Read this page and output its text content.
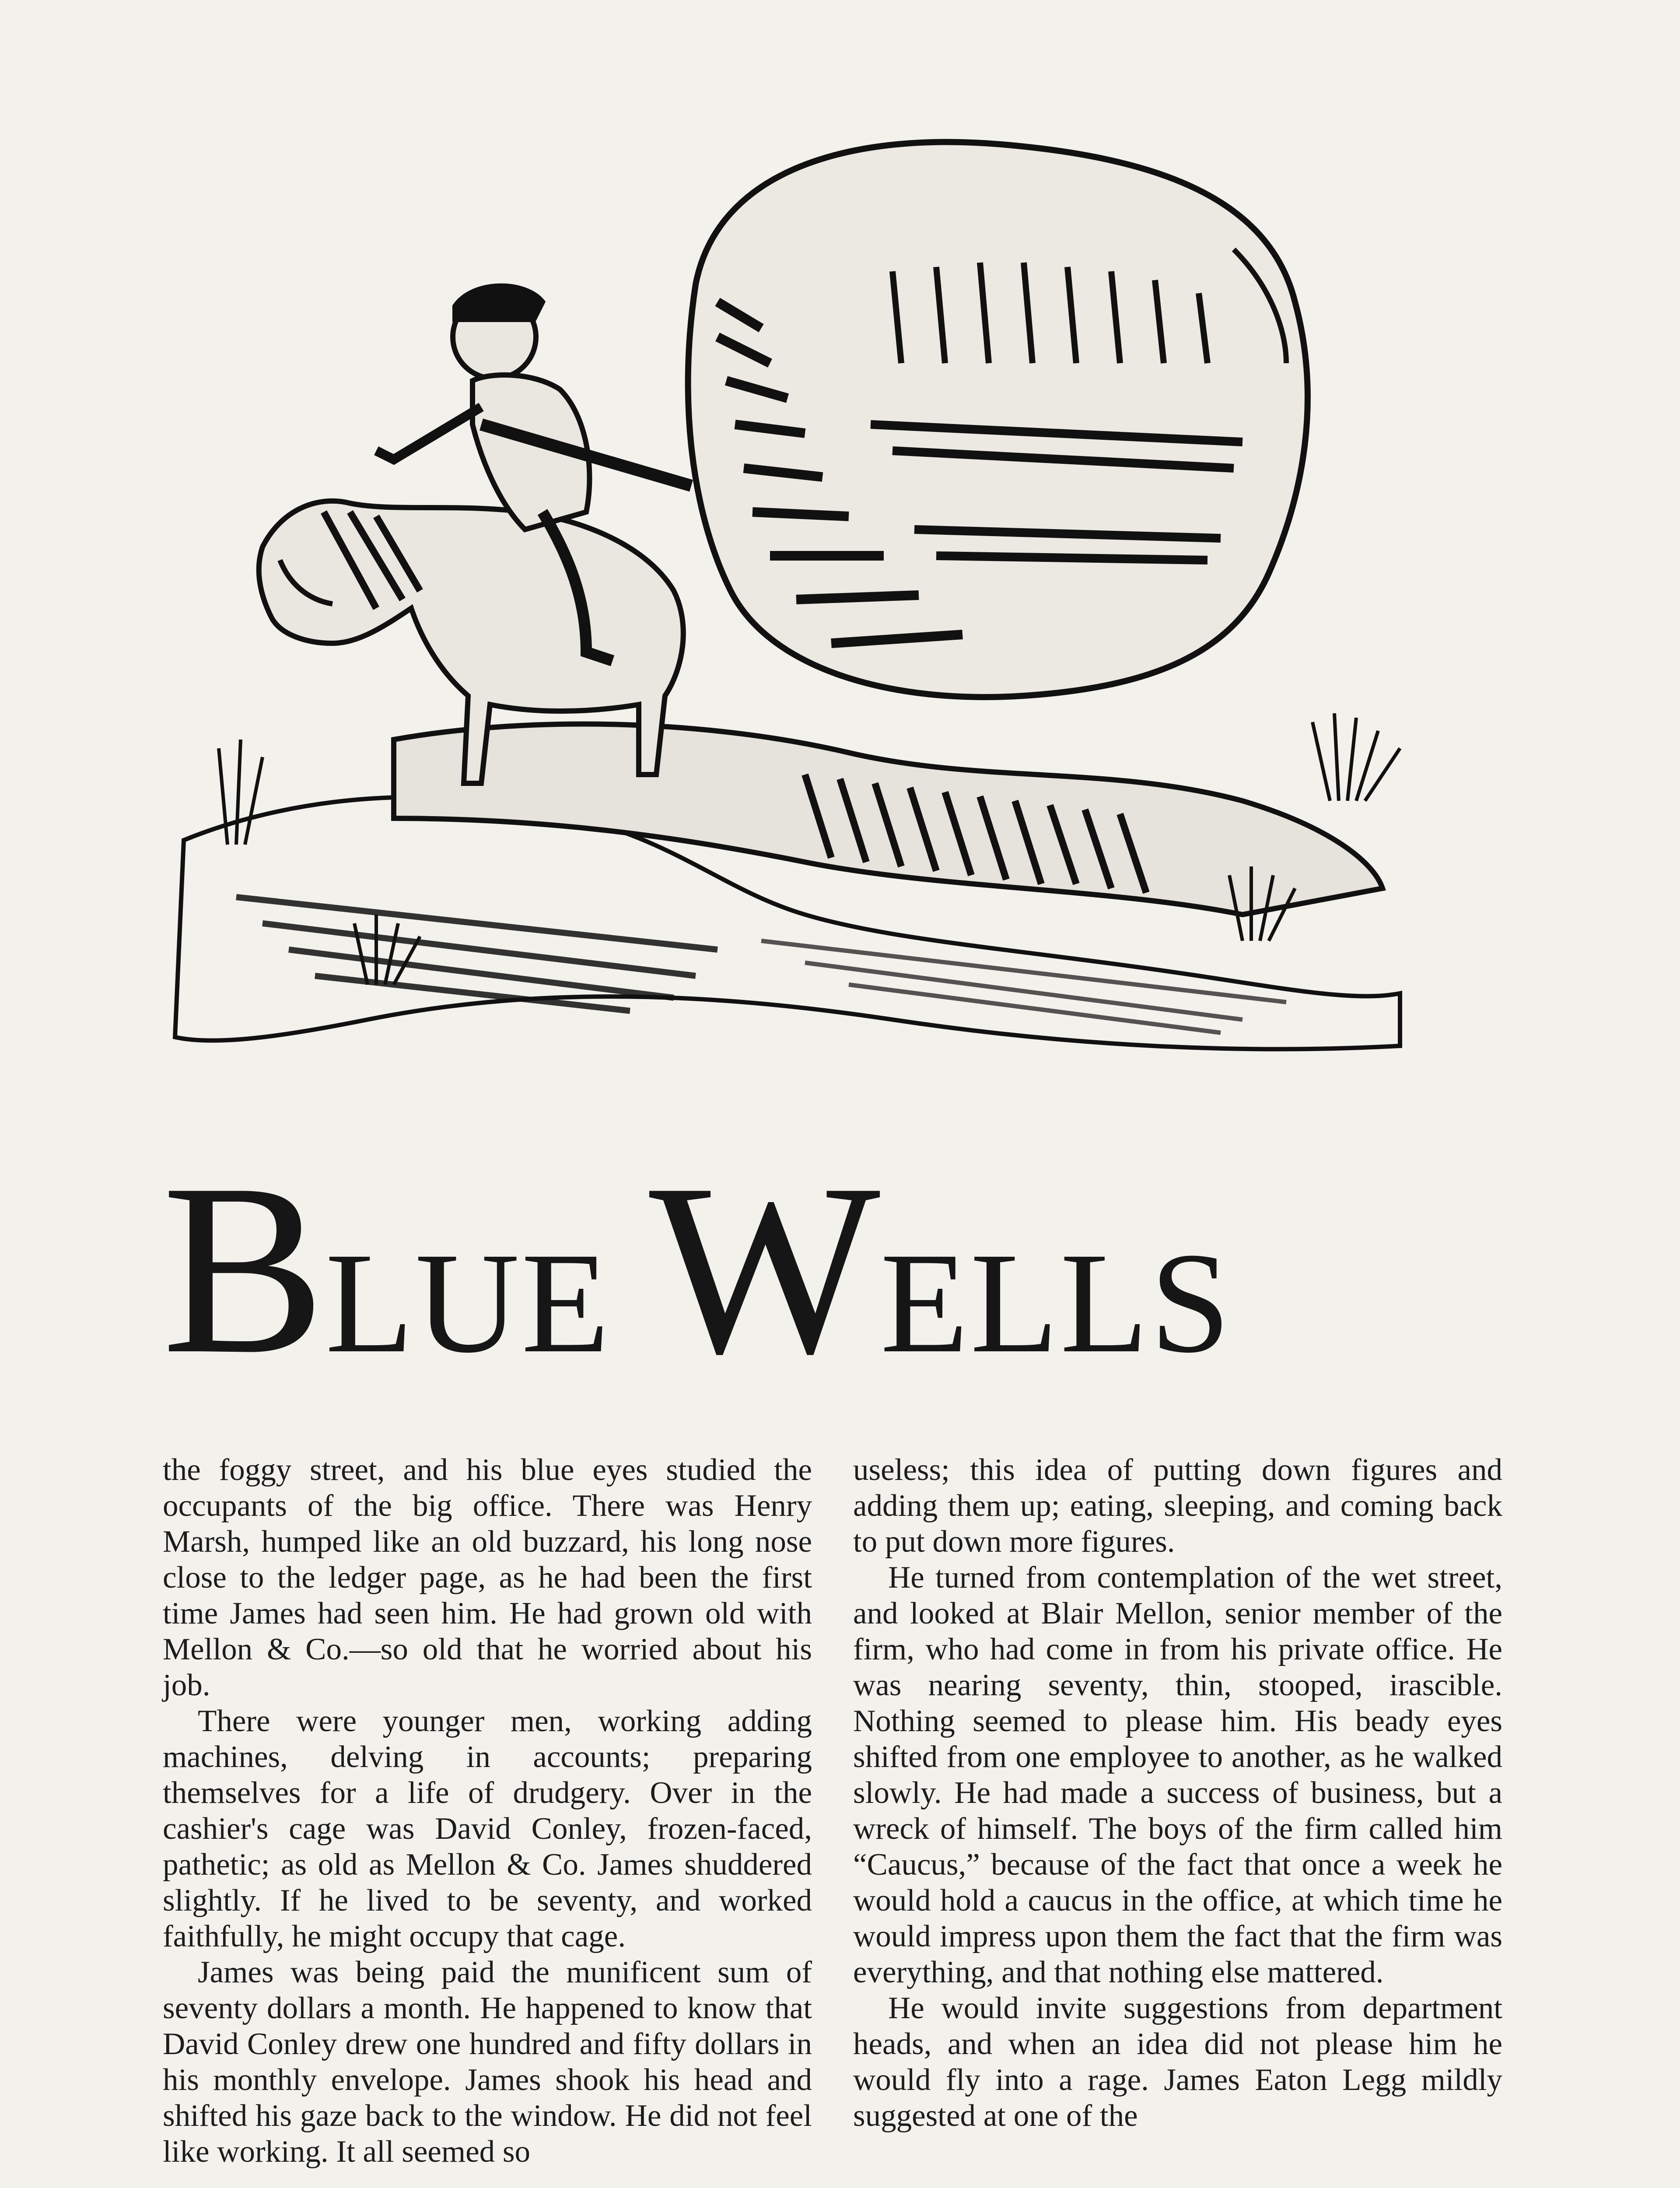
BLUE WELLS

the foggy street, and his blue eyes studied the occupants of the big office. There was Henry Marsh, humped like an old buzzard, his long nose close to the ledger page, as he had been the first time James had seen him. He had grown old with Mellon & Co.—so old that he worried about his job.

There were younger men, working adding machines, delving in accounts; preparing themselves for a life of drudgery. Over in the cashier's cage was David Conley, frozen-faced, pathetic; as old as Mellon & Co. James shuddered slightly. If he lived to be seventy, and worked faithfully, he might occupy that cage.

James was being paid the munificent sum of seventy dollars a month. He happened to know that David Conley drew one hundred and fifty dollars in his monthly envelope. James shook his head and shifted his gaze back to the window. He did not feel like working. It all seemed so

useless; this idea of putting down figures and adding them up; eating, sleeping, and coming back to put down more figures.

He turned from contemplation of the wet street, and looked at Blair Mellon, senior member of the firm, who had come in from his private office. He was nearing seventy, thin, stooped, irascible. Nothing seemed to please him. His beady eyes shifted from one employee to another, as he walked slowly. He had made a success of business, but a wreck of himself. The boys of the firm called him “Caucus,” because of the fact that once a week he would hold a caucus in the office, at which time he would impress upon them the fact that the firm was everything, and that nothing else mattered.

He would invite suggestions from department heads, and when an idea did not please him he would fly into a rage. James Eaton Legg mildly suggested at one of the
